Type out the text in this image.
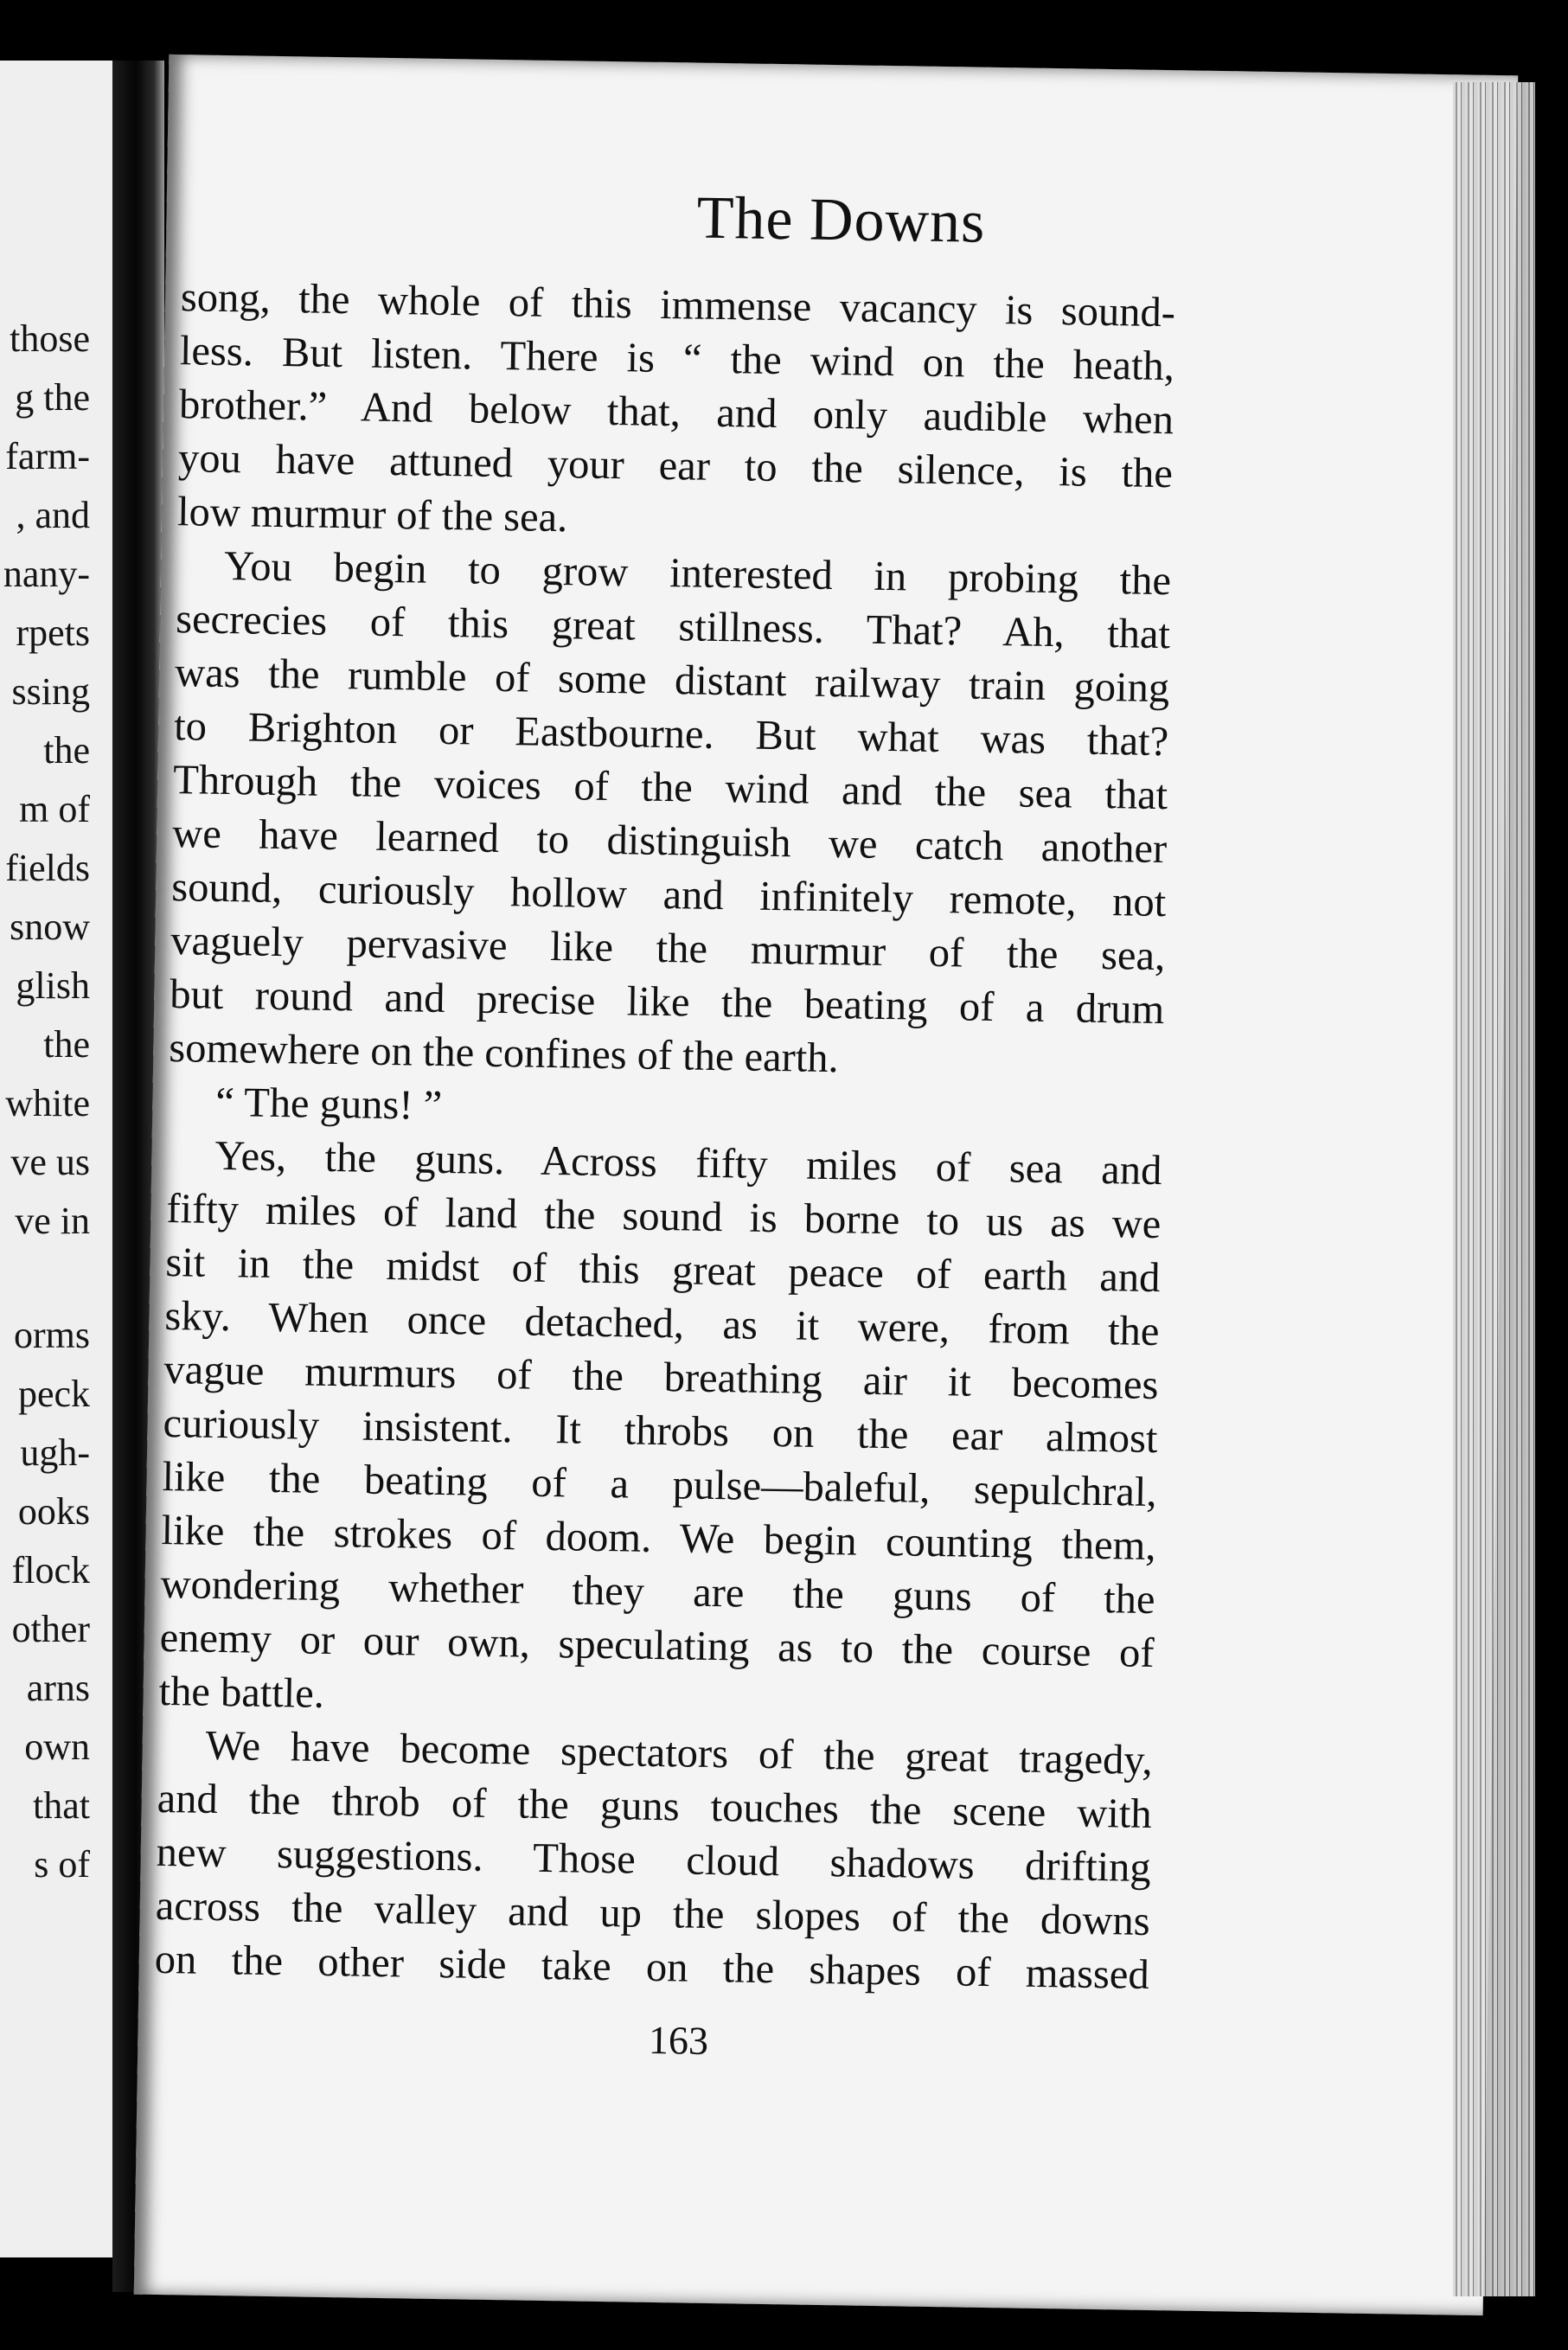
those
g the
farm-
, and
nany-
rpets
ssing
the
m of
fields
snow
glish
the
white
ve us
ve in
orms
peck
ugh-
ooks
flock
other
arns
own
that
s of
The Downs

song, the whole of this immense vacancy is sound-
less. But listen. There is “ the wind on the heath,
brother.” And below that, and only audible when
you have attuned your ear to the silence, is the
low murmur of the sea.

You begin to grow interested in probing the
secrecies of this great stillness. That? Ah, that
was the rumble of some distant railway train going
to Brighton or Eastbourne. But what was that?
Through the voices of the wind and the sea that
we have learned to distinguish we catch another
sound, curiously hollow and infinitely remote, not
vaguely pervasive like the murmur of the sea,
but round and precise like the beating of a drum
somewhere on the confines of the earth.

“ The guns! ”

Yes, the guns. Across fifty miles of sea and
fifty miles of land the sound is borne to us as we
sit in the midst of this great peace of earth and
sky. When once detached, as it were, from the
vague murmurs of the breathing air it becomes
curiously insistent. It throbs on the ear almost
like the beating of a pulse—baleful, sepulchral,
like the strokes of doom. We begin counting them,
wondering whether they are the guns of the
enemy or our own, speculating as to the course of
the battle.

We have become spectators of the great tragedy,
and the throb of the guns touches the scene with
new suggestions. Those cloud shadows drifting
across the valley and up the slopes of the downs
on the other side take on the shapes of massed

163
